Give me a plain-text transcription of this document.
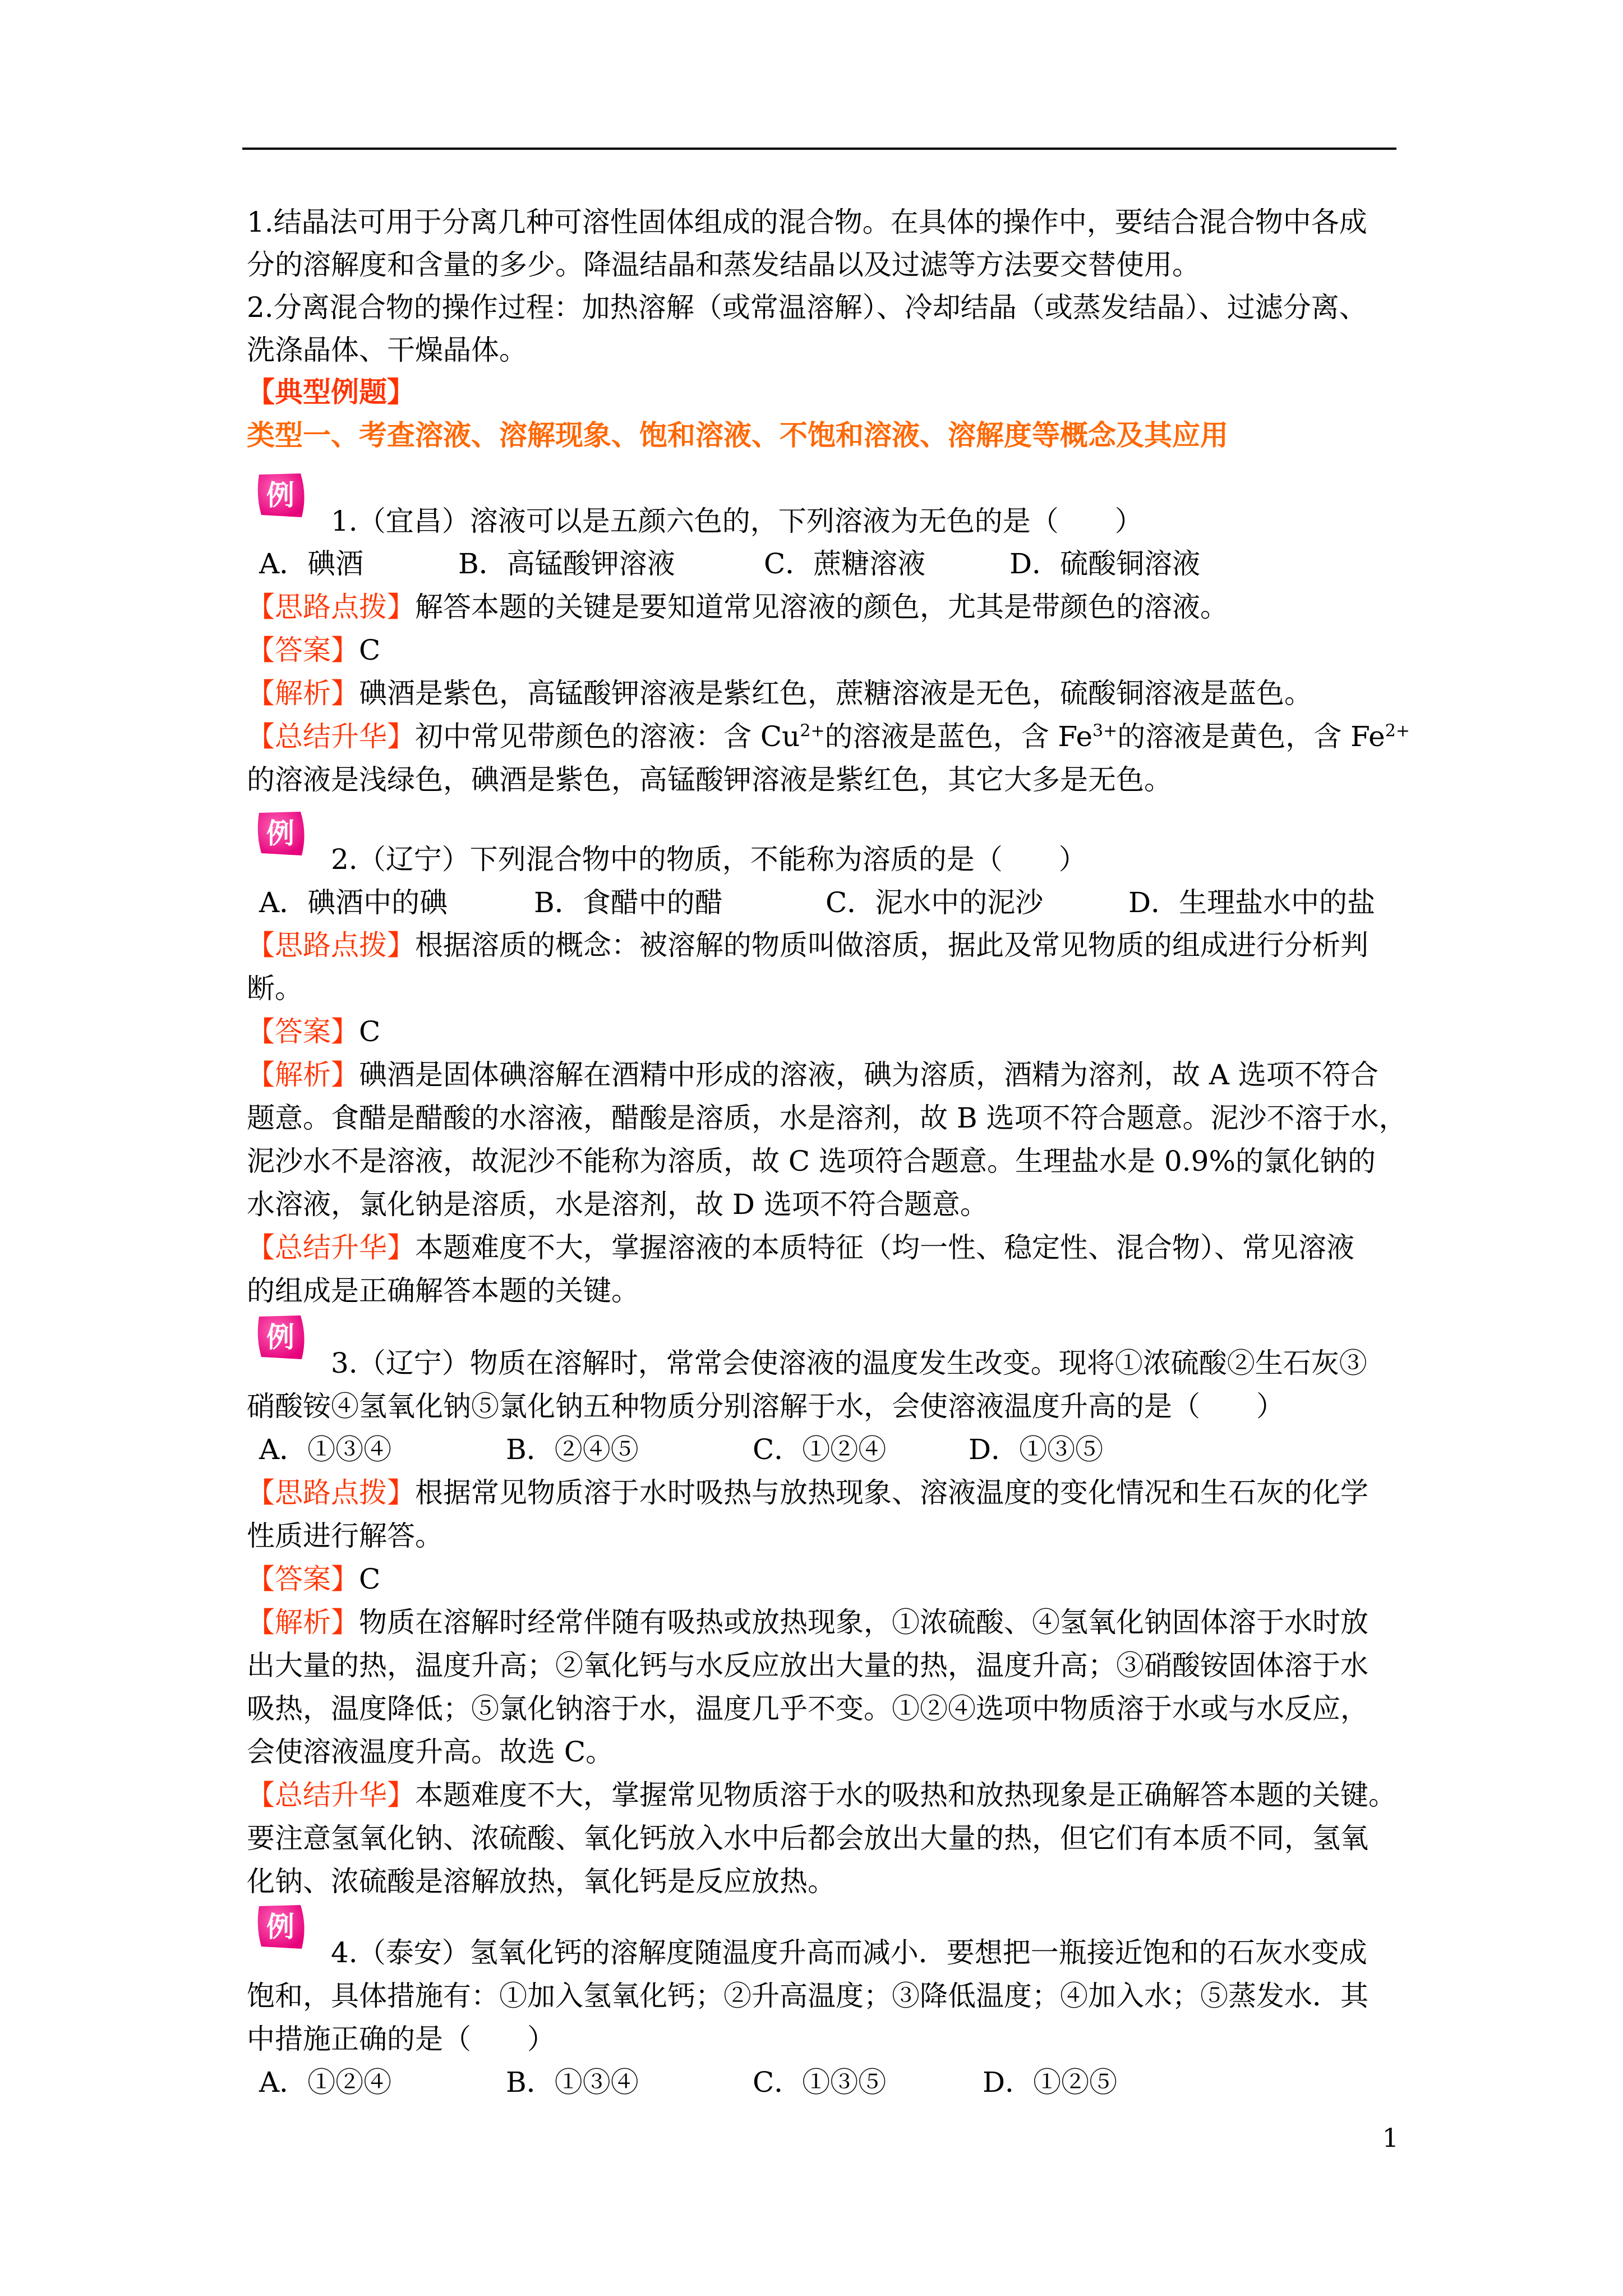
1.结晶法可用于分离几种可溶性固体组成的混合物。在具体的操作中，要结合混合物中各成

分的溶解度和含量的多少。降温结晶和蒸发结晶以及过滤等方法要交替使用。

2.分离混合物的操作过程：加热溶解（或常温溶解）、冷却结晶（或蒸发结晶）、过滤分离、

洗涤晶体、干燥晶体。

【典型例题】

类型一、考查溶液、溶解现象、饱和溶液、不饱和溶液、溶解度等概念及其应用

例

1.（宜昌）溶液可以是五颜六色的，下列溶液为无色的是（　　）

A．碘酒	B．高锰酸钾溶液	C．蔗糖溶液	D．硫酸铜溶液

【思路点拨】解答本题的关键是要知道常见溶液的颜色，尤其是带颜色的溶液。

【答案】C

【解析】碘酒是紫色，高锰酸钾溶液是紫红色，蔗糖溶液是无色，硫酸铜溶液是蓝色。

【总结升华】初中常见带颜色的溶液：含 $Cu^{2+}$的溶液是蓝色，含 $Fe^{3+}$的溶液是黄色，含 $Fe^{2+}$

的溶液是浅绿色，碘酒是紫色，高锰酸钾溶液是紫红色，其它大多是无色。

例

2.（辽宁）下列混合物中的物质，不能称为溶质的是（　　）

A．碘酒中的碘	B．食醋中的醋	C．泥水中的泥沙	D．生理盐水中的盐

【思路点拨】根据溶质的概念：被溶解的物质叫做溶质，据此及常见物质的组成进行分析判

断。

【答案】C

【解析】碘酒是固体碘溶解在酒精中形成的溶液，碘为溶质，酒精为溶剂，故 A 选项不符合

题意。食醋是醋酸的水溶液，醋酸是溶质，水是溶剂，故 B 选项不符合题意。泥沙不溶于水，

泥沙水不是溶液，故泥沙不能称为溶质，故 C 选项符合题意。生理盐水是 0.9%的氯化钠的

水溶液，氯化钠是溶质，水是溶剂，故 D 选项不符合题意。

【总结升华】本题难度不大，掌握溶液的本质特征（均一性、稳定性、混合物）、常见溶液

的组成是正确解答本题的关键。

例

3.（辽宁）物质在溶解时，常常会使溶液的温度发生改变。现将①浓硫酸②生石灰③

硝酸铵④氢氧化钠⑤氯化钠五种物质分别溶解于水，会使溶液温度升高的是（　　）

A．①③④	B．②④⑤	C．①②④	D．①③⑤

【思路点拨】根据常见物质溶于水时吸热与放热现象、溶液温度的变化情况和生石灰的化学

性质进行解答。

【答案】C

【解析】物质在溶解时经常伴随有吸热或放热现象，①浓硫酸、④氢氧化钠固体溶于水时放

出大量的热，温度升高；②氧化钙与水反应放出大量的热，温度升高；③硝酸铵固体溶于水

吸热，温度降低；⑤氯化钠溶于水，温度几乎不变。①②④选项中物质溶于水或与水反应，

会使溶液温度升高。故选 C。

【总结升华】本题难度不大，掌握常见物质溶于水的吸热和放热现象是正确解答本题的关键。

要注意氢氧化钠、浓硫酸、氧化钙放入水中后都会放出大量的热，但它们有本质不同，氢氧

化钠、浓硫酸是溶解放热，氧化钙是反应放热。

例

4.（泰安）氢氧化钙的溶解度随温度升高而减小．要想把一瓶接近饱和的石灰水变成

饱和，具体措施有：①加入氢氧化钙；②升高温度；③降低温度；④加入水；⑤蒸发水．其

中措施正确的是（　　）

A．①②④	B．①③④	C．①③⑤	D．①②⑤
1
